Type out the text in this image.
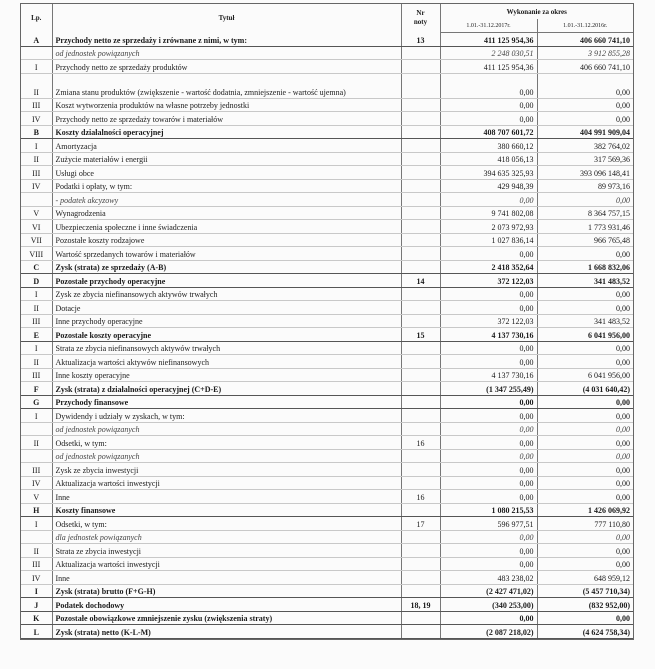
Lp.	Tytuł	Nr
noty	Wykonanie za okres	
			1.01.-31.12.2017r.	1.01.-31.12.2016r.
A	Przychody netto ze sprzedaży i zrównane z nimi, w tym:	13	411 125 954,36	406 660 741,10
	od jednostek powiązanych		2 248 030,51	3 912 855,28
I	Przychody netto ze sprzedaży produktów		411 125 954,36	406 660 741,10
II	Zmiana stanu produktów (zwiększenie - wartość dodatnia, zmniejszenie - wartość ujemna)		0,00	0,00
III	Koszt wytworzenia produktów na własne potrzeby jednostki		0,00	0,00
IV	Przychody netto ze sprzedaży towarów i materiałów		0,00	0,00
B	Koszty działalności operacyjnej		408 707 601,72	404 991 909,04
I	Amortyzacja		380 660,12	382 764,02
II	Zużycie materiałów i energii		418 056,13	317 569,36
III	Usługi obce		394 635 325,93	393 096 148,41
IV	Podatki i opłaty, w tym:		429 948,39	89 973,16
	- podatek akcyzowy		0,00	0,00
V	Wynagrodzenia		9 741 802,08	8 364 757,15
VI	Ubezpieczenia społeczne i inne świadczenia		2 073 972,93	1 773 931,46
VII	Pozostałe koszty rodzajowe		1 027 836,14	966 765,48
VIII	Wartość sprzedanych towarów i materiałów		0,00	0,00
C	Zysk (strata) ze sprzedaży (A-B)		2 418 352,64	1 668 832,06
D	Pozostałe przychody operacyjne	14	372 122,03	341 483,52
I	Zysk ze zbycia niefinansowych aktywów trwałych		0,00	0,00
II	Dotacje		0,00	0,00
III	Inne przychody operacyjne		372 122,03	341 483,52
E	Pozostałe koszty operacyjne	15	4 137 730,16	6 041 956,00
I	Strata ze zbycia niefinansowych aktywów trwałych		0,00	0,00
II	Aktualizacja wartości aktywów niefinansowych		0,00	0,00
III	Inne koszty operacyjne		4 137 730,16	6 041 956,00
F	Zysk (strata) z działalności operacyjnej (C+D-E)		(1 347 255,49)	(4 031 640,42)
G	Przychody finansowe		0,00	0,00
I	Dywidendy i udziały w zyskach, w tym:		0,00	0,00
	od jednostek powiązanych		0,00	0,00
II	Odsetki, w tym:	16	0,00	0,00
	od jednostek powiązanych		0,00	0,00
III	Zysk ze zbycia inwestycji		0,00	0,00
IV	Aktualizacja wartości inwestycji		0,00	0,00
V	Inne	16	0,00	0,00
H	Koszty finansowe		1 080 215,53	1 426 069,92
I	Odsetki, w tym:	17	596 977,51	777 110,80
	dla jednostek powiązanych		0,00	0,00
II	Strata ze zbycia inwestycji		0,00	0,00
III	Aktualizacja wartości inwestycji		0,00	0,00
IV	Inne		483 238,02	648 959,12
I	Zysk (strata) brutto (F+G-H)		(2 427 471,02)	(5 457 710,34)
J	Podatek dochodowy	18, 19	(340 253,00)	(832 952,00)
K	Pozostałe obowiązkowe zmniejszenie zysku (zwiększenia straty)		0,00	0,00
L	Zysk (strata) netto (K-L-M)		(2 087 218,02)	(4 624 758,34)
